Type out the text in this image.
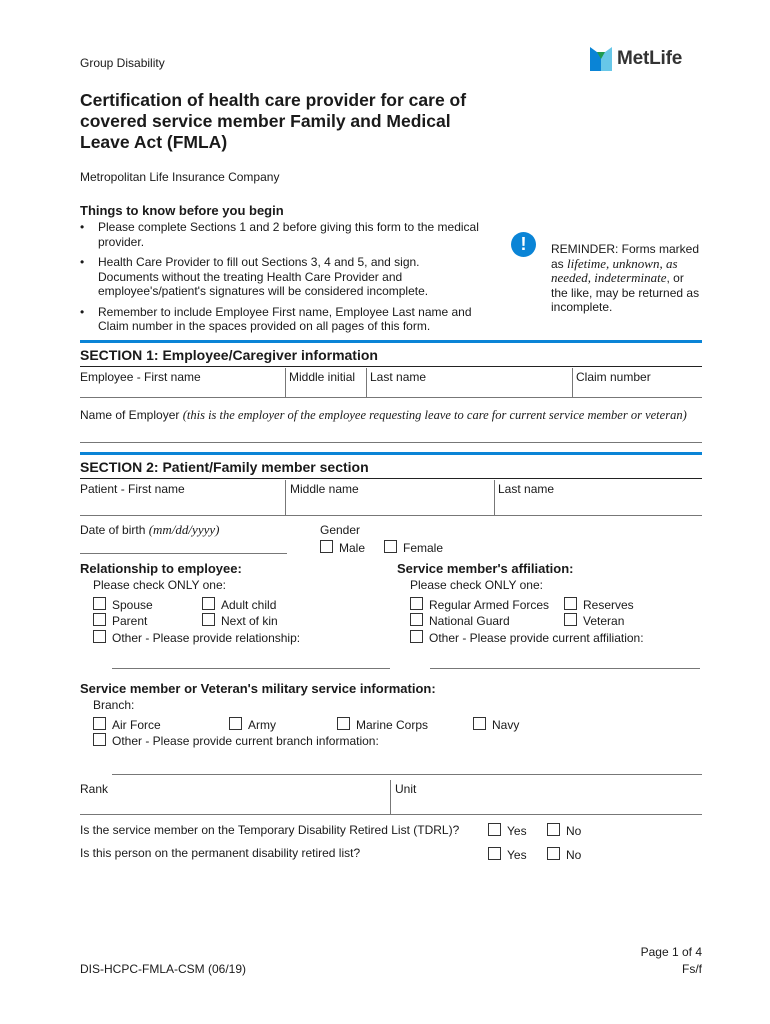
Group Disability	MetLife
Certification of health care provider for care of covered service member Family and Medical Leave Act (FMLA)
Metropolitan Life Insurance Company
Things to know before you begin
•	Please complete Sections 1 and 2 before giving this form to the medical provider.
•	Health Care Provider to fill out Sections 3, 4 and 5, and sign. Documents without the treating Health Care Provider and employee's/patient's signatures will be considered incomplete.
•	Remember to include Employee First name, Employee Last name and Claim number in the spaces provided on all pages of this form.
!	REMINDER: Forms marked as lifetime, unknown, as needed, indeterminate, or the like, may be returned as incomplete.
SECTION 1: Employee/Caregiver information
Employee - First name	Middle initial Last name	Claim number
Name of Employer (this is the employer of the employee requesting leave to care for current service member or veteran)
SECTION 2: Patient/Family member section
Patient - First name	Middle name	Last name
Date of birth (mm/dd/yyyy)	Gender
Male	Female
Relationship to employee:
Please check ONLY one:
Spouse	Adult child
Parent	Next of kin
Other - Please provide relationship:
Service member's affiliation:
Please check ONLY one:
Regular Armed Forces	Reserves
National Guard	Veteran
Other - Please provide current affiliation:
Service member or Veteran's military service information:
Branch:
Air Force	Army	Marine Corps	Navy
Other - Please provide current branch information:
Rank	Unit
Is the service member on the Temporary Disability Retired List (TDRL)?	Yes	No
Is this person on the permanent disability retired list?	Yes	No
DIS-HCPC-FMLA-CSM (06/19)
Page 1 of 4
Fs/f
